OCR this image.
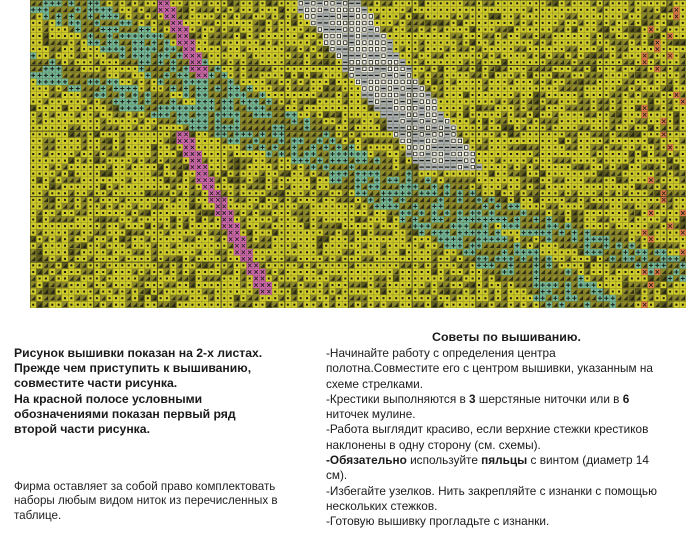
Рисунок вышивки показан на 2-х листах.

Прежде чем приступить к вышиванию,

совместите части рисунка.

На красной полосе условными

обозначениями показан первый ряд

второй части рисунка.

Фирма оставляет за собой право комплектовать
наборы любым видом ниток из перечисленных в
таблице.
Советы по вышиванию.

-Начинайте работу с определения центра

полотна.Совместите его с центром вышивки, указанным на

схеме стрелками.

-Крестики выполняются в 3 шерстяные ниточки или в 6

ниточек мулине.

-Работа выглядит красиво, если верхние стежки крестиков

наклонены в одну сторону (см. схемы).

-Обязательно используйте пяльцы с винтом (диаметр 14

см).

-Избегайте узелков. Нить закрепляйте с изнанки с помощью

нескольких стежков.

-Готовую вышивку прогладьте с изнанки.
